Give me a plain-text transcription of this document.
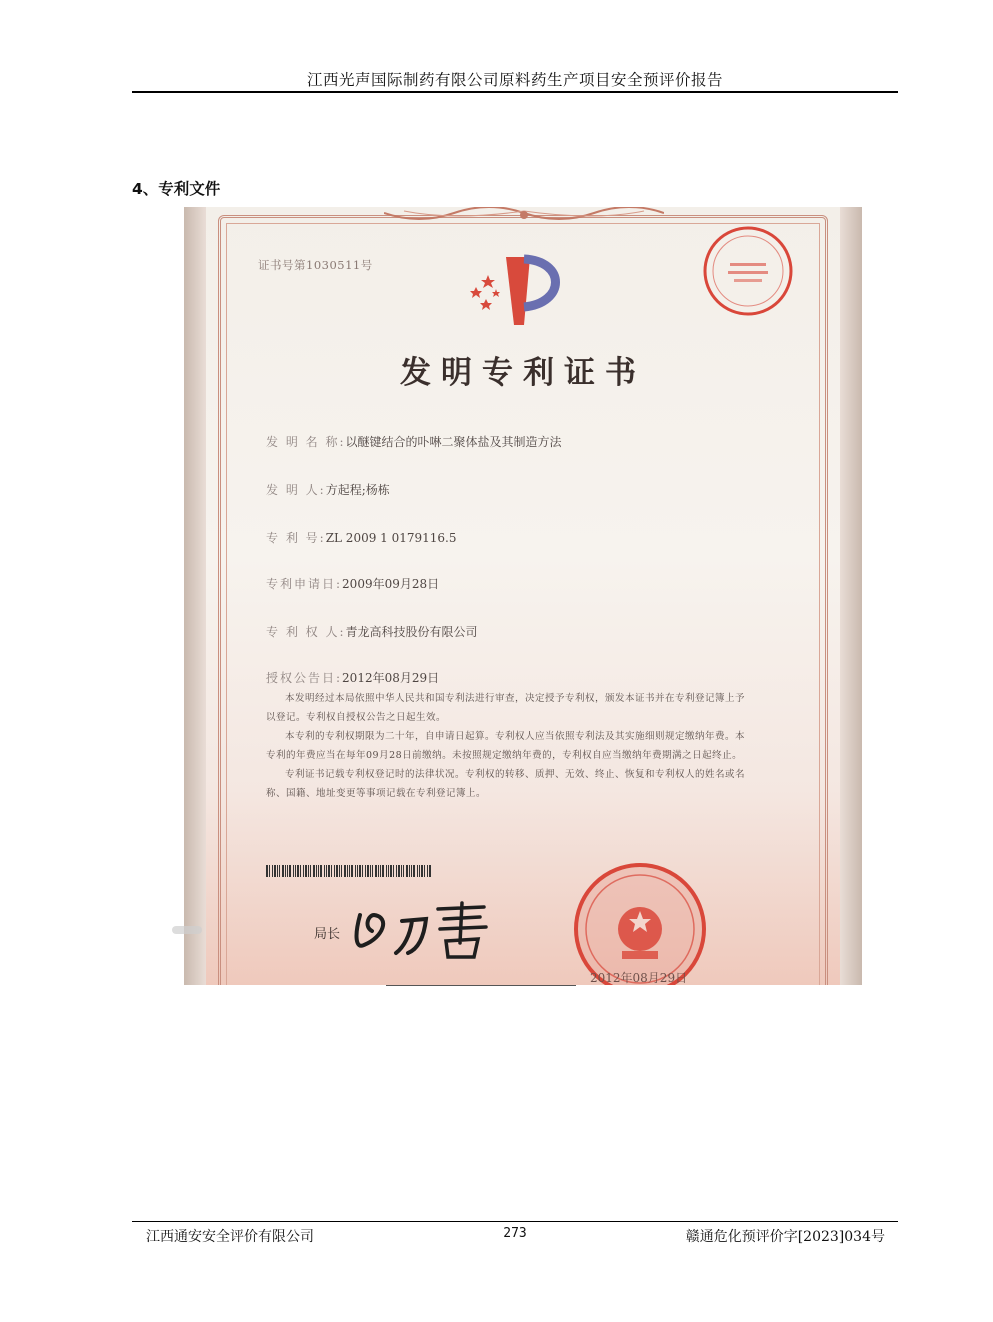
江西光声国际制药有限公司原料药生产项目安全预评价报告
4、专利文件
证书号第1030511号
发明专利证书
发 明 名 称:以醚键结合的卟啉二聚体盐及其制造方法
发 明 人:方起程;杨栋
专 利 号:ZL 2009 1 0179116.5
专利申请日:2009年09月28日
专 利 权 人:青龙高科技股份有限公司
授权公告日:2012年08月29日

本发明经过本局依照中华人民共和国专利法进行审查，决定授予专利权，颁发本证书并在专利登记簿上予以登记。专利权自授权公告之日起生效。

本专利的专利权期限为二十年，自申请日起算。专利权人应当依照专利法及其实施细则规定缴纳年费。本专利的年费应当在每年09月28日前缴纳。未按照规定缴纳年费的，专利权自应当缴纳年费期满之日起终止。

专利证书记载专利权登记时的法律状况。专利权的转移、质押、无效、终止、恢复和专利权人的姓名或名称、国籍、地址变更等事项记载在专利登记簿上。

局长
2012年08月29日
江西通安安全评价有限公司	273	赣通危化预评价字[2023]034号
